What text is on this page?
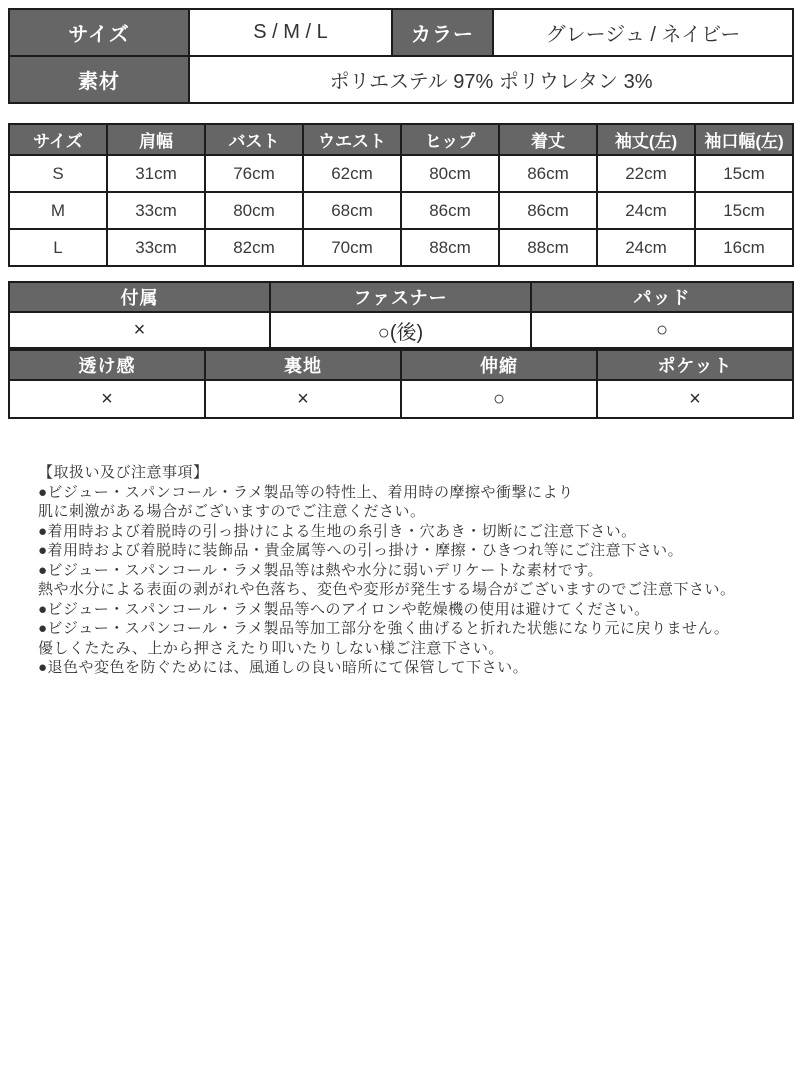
サイズ	S / M / L	カラー	グレージュ / ネイビー
素材	ポリエステル 97% ポリウレタン 3%		
サイズ	肩幅	バスト	ウエスト	ヒップ	着丈	袖丈(左)	袖口幅(左)
S	31cm	76cm	62cm	80cm	86cm	22cm	15cm
M	33cm	80cm	68cm	86cm	86cm	24cm	15cm
L	33cm	82cm	70cm	88cm	88cm	24cm	16cm
付属	ファスナー	パッド
×	○(後)	○
透け感	裏地	伸縮	ポケット
×	×	○	×
【取扱い及び注意事項】
●ビジュー・スパンコール・ラメ製品等の特性上、着用時の摩擦や衝撃により
肌に刺激がある場合がございますのでご注意ください。
●着用時および着脱時の引っ掛けによる生地の糸引き・穴あき・切断にご注意下さい。
●着用時および着脱時に装飾品・貴金属等への引っ掛け・摩擦・ひきつれ等にご注意下さい。
●ビジュー・スパンコール・ラメ製品等は熱や水分に弱いデリケートな素材です。
熱や水分による表面の剥がれや色落ち、変色や変形が発生する場合がございますのでご注意下さい。
●ビジュー・スパンコール・ラメ製品等へのアイロンや乾燥機の使用は避けてください。
●ビジュー・スパンコール・ラメ製品等加工部分を強く曲げると折れた状態になり元に戻りません。
優しくたたみ、上から押さえたり叩いたりしない様ご注意下さい。
●退色や変色を防ぐためには、風通しの良い暗所にて保管して下さい。
